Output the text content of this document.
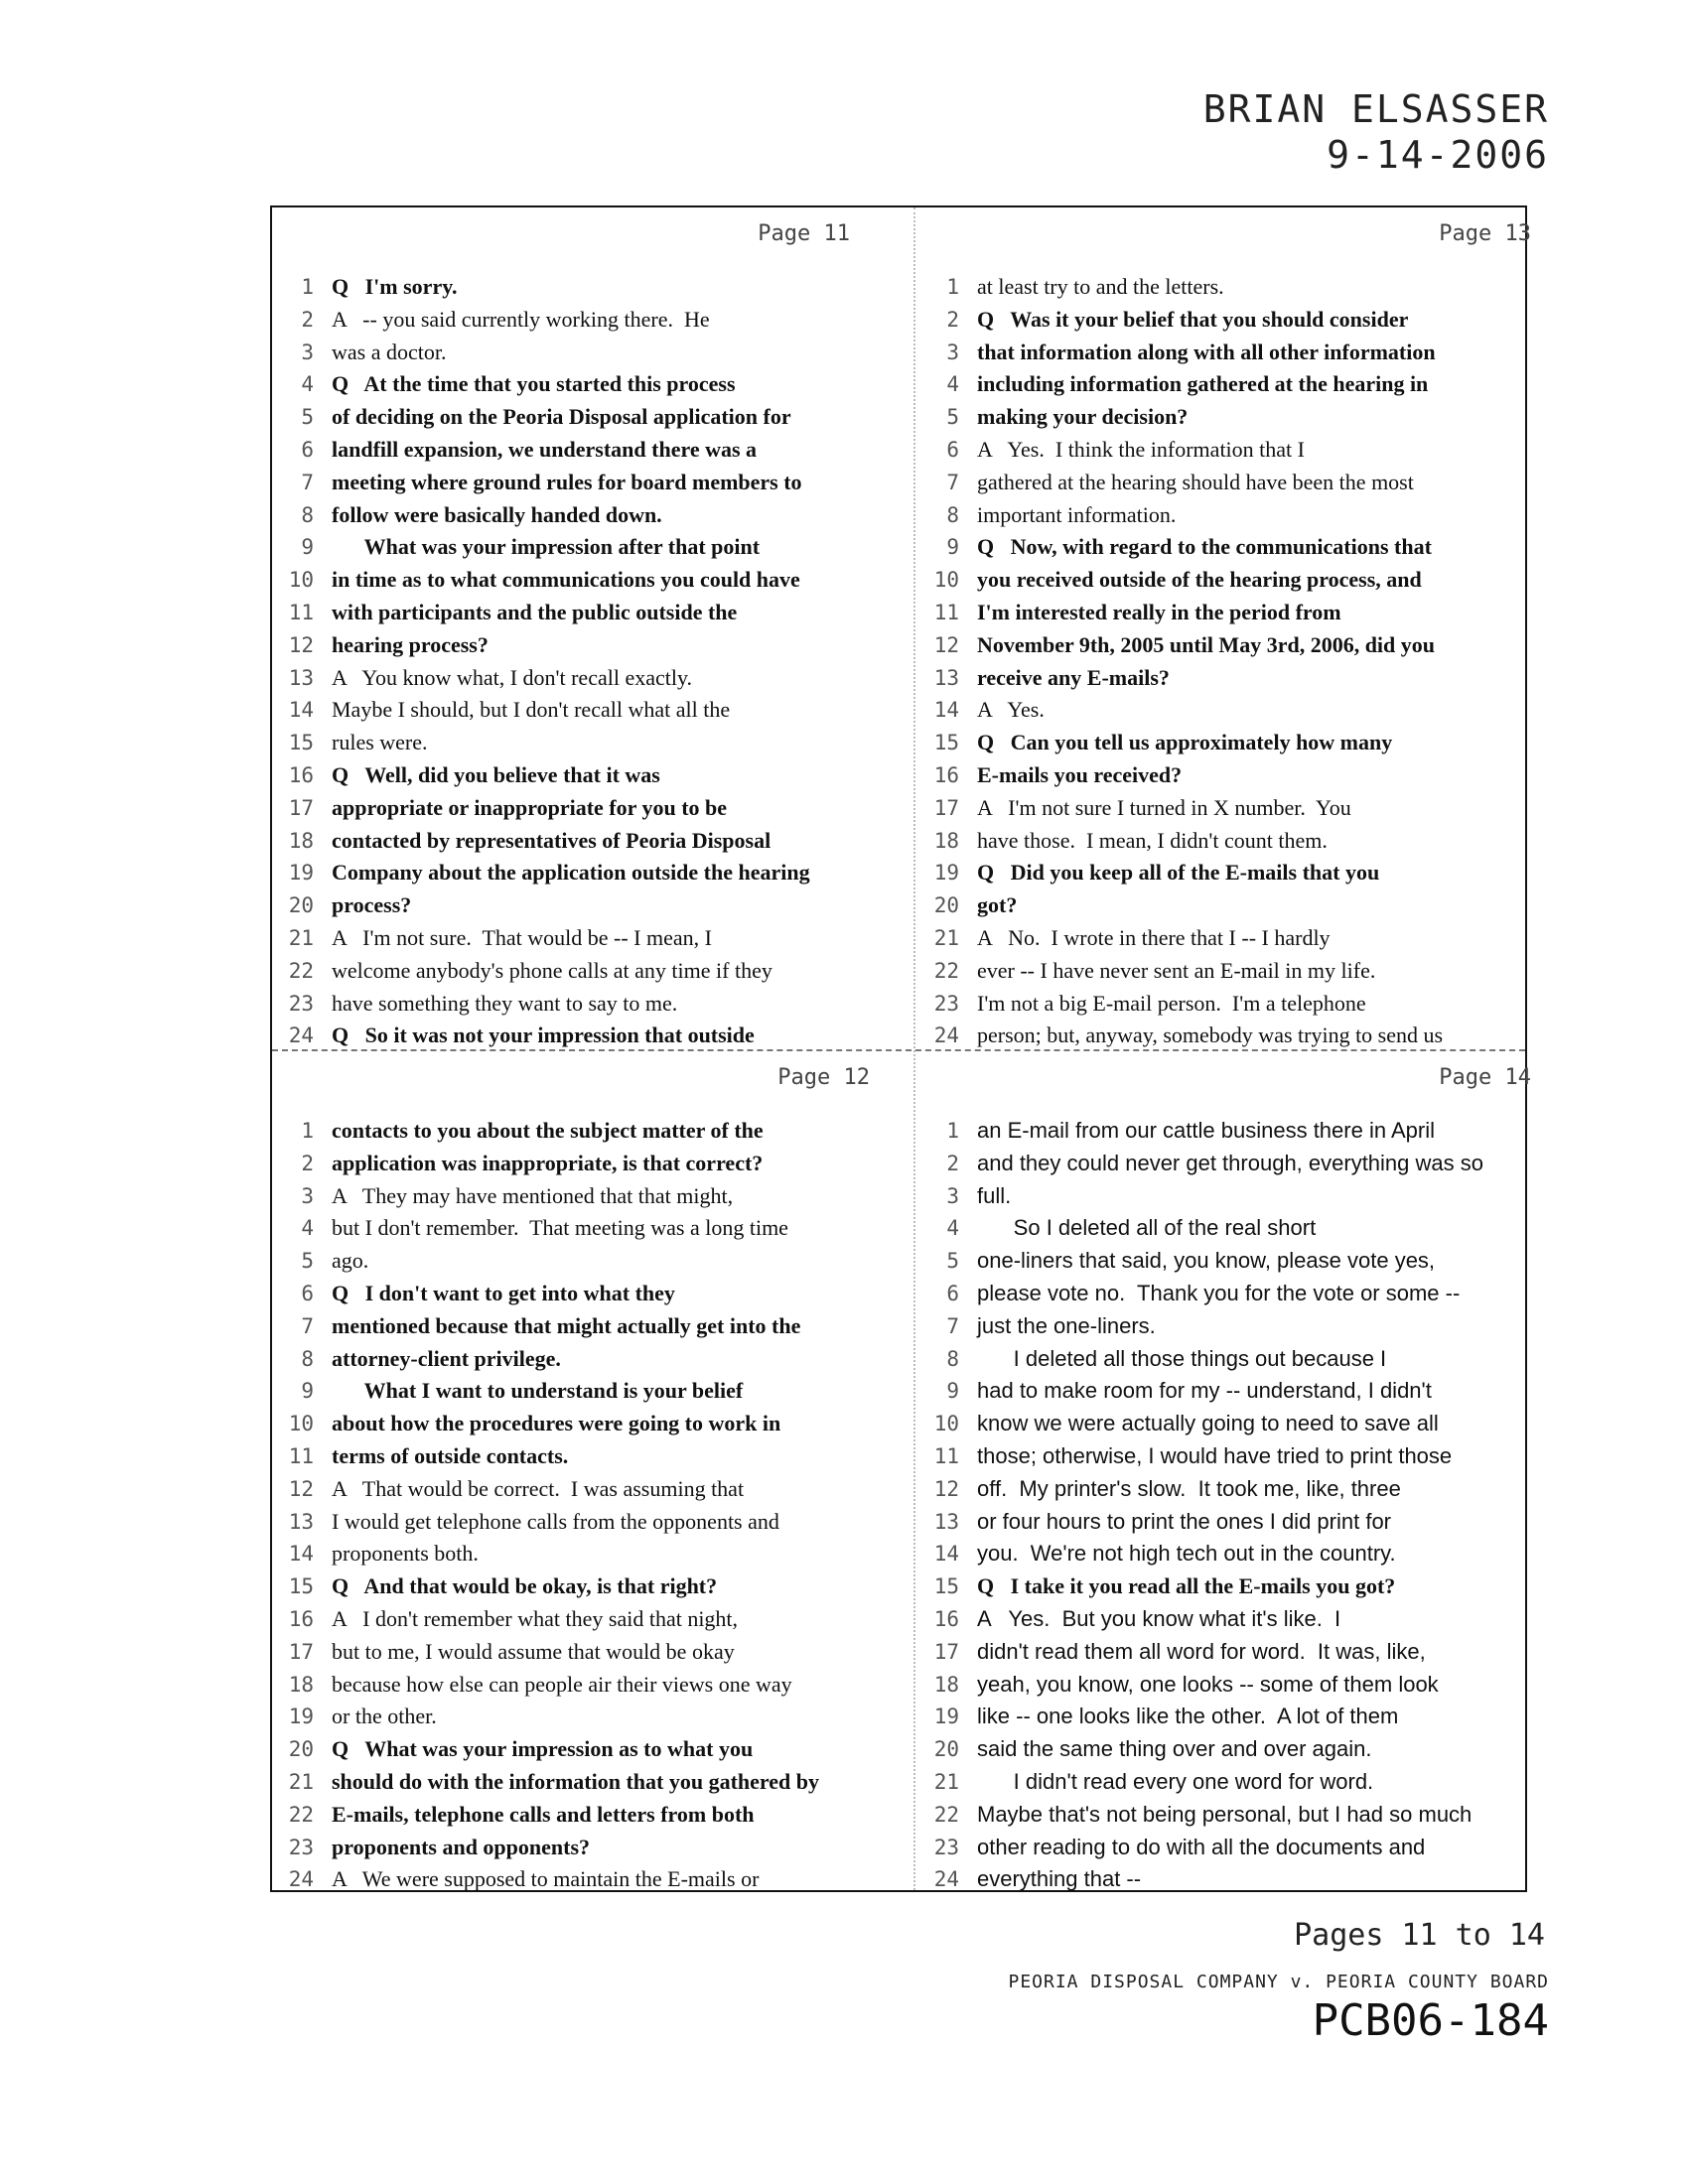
BRIAN ELSASSER
9-14-2006
Page 11
1 Q   I'm sorry.
2 A   -- you said currently working there.  He
3 was a doctor.
4 Q   At the time that you started this process
5 of deciding on the Peoria Disposal application for
6 landfill expansion, we understand there was a
7 meeting where ground rules for board members to
8 follow were basically handed down.
9      What was your impression after that point
10 in time as to what communications you could have
11 with participants and the public outside the
12 hearing process?
13 A   You know what, I don't recall exactly.
14 Maybe I should, but I don't recall what all the
15 rules were.
16 Q   Well, did you believe that it was
17 appropriate or inappropriate for you to be
18 contacted by representatives of Peoria Disposal
19 Company about the application outside the hearing
20 process?
21 A   I'm not sure.  That would be -- I mean, I
22 welcome anybody's phone calls at any time if they
23 have something they want to say to me.
24 Q   So it was not your impression that outside
Page 13
1 at least try to and the letters.
2 Q   Was it your belief that you should consider
3 that information along with all other information
4 including information gathered at the hearing in
5 making your decision?
6 A   Yes.  I think the information that I
7 gathered at the hearing should have been the most
8 important information.
9 Q   Now, with regard to the communications that
10 you received outside of the hearing process, and
11 I'm interested really in the period from
12 November 9th, 2005 until May 3rd, 2006, did you
13 receive any E-mails?
14 A   Yes.
15 Q   Can you tell us approximately how many
16 E-mails you received?
17 A   I'm not sure I turned in X number.  You
18 have those.  I mean, I didn't count them.
19 Q   Did you keep all of the E-mails that you
20 got?
21 A   No.  I wrote in there that I -- I hardly
22 ever -- I have never sent an E-mail in my life.
23 I'm not a big E-mail person.  I'm a telephone
24 person; but, anyway, somebody was trying to send us
Page 12
1 contacts to you about the subject matter of the
2 application was inappropriate, is that correct?
3 A   They may have mentioned that that might,
4 but I don't remember.  That meeting was a long time
5 ago.
6 Q   I don't want to get into what they
7 mentioned because that might actually get into the
8 attorney-client privilege.
9      What I want to understand is your belief
10 about how the procedures were going to work in
11 terms of outside contacts.
12 A   That would be correct.  I was assuming that
13 I would get telephone calls from the opponents and
14 proponents both.
15 Q   And that would be okay, is that right?
16 A   I don't remember what they said that night,
17 but to me, I would assume that would be okay
18 because how else can people air their views one way
19 or the other.
20 Q   What was your impression as to what you
21 should do with the information that you gathered by
22 E-mails, telephone calls and letters from both
23 proponents and opponents?
24 A   We were supposed to maintain the E-mails or
Page 14
1 an E-mail from our cattle business there in April
2 and they could never get through, everything was so
3 full.
4      So I deleted all of the real short
5 one-liners that said, you know, please vote yes,
6 please vote no.  Thank you for the vote or some --
7 just the one-liners.
8      I deleted all those things out because I
9 had to make room for my -- understand, I didn't
10 know we were actually going to need to save all
11 those; otherwise, I would have tried to print those
12 off.  My printer's slow.  It took me, like, three
13 or four hours to print the ones I did print for
14 you.  We're not high tech out in the country.
15 Q   I take it you read all the E-mails you got?
16 A   Yes.  But you know what it's like.  I
17 didn't read them all word for word.  It was, like,
18 yeah, you know, one looks -- some of them look
19 like -- one looks like the other.  A lot of them
20 said the same thing over and over again.
21      I didn't read every one word for word.
22 Maybe that's not being personal, but I had so much
23 other reading to do with all the documents and
24 everything that --
Pages 11 to 14
PEORIA DISPOSAL COMPANY v. PEORIA COUNTY BOARD
PCB06-184
